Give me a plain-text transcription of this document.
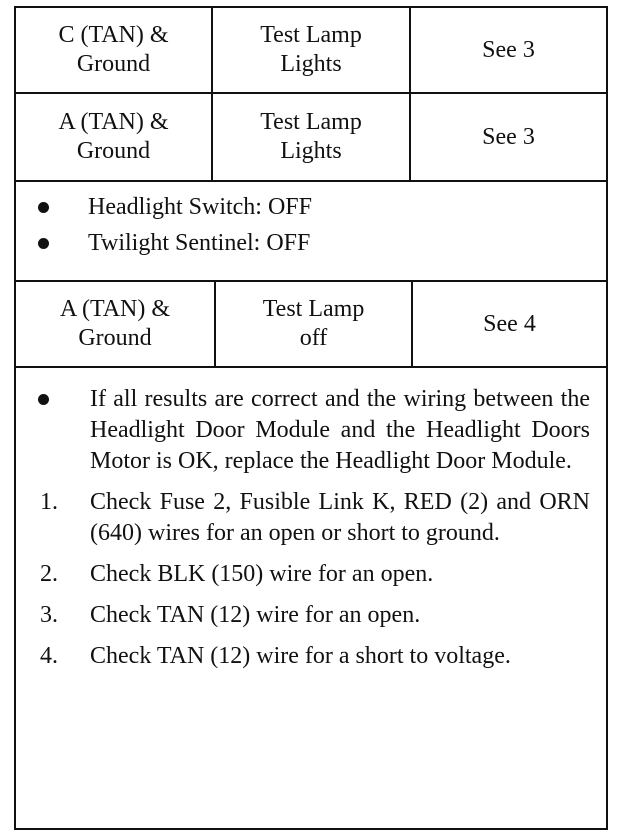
C (TAN) &
Ground
Test Lamp
Lights
See 3
A (TAN) &
Ground
Test Lamp
Lights
See 3
Headlight Switch: OFF
Twilight Sentinel: OFF
A (TAN) &
Ground
Test Lamp
off
See 4
If all results are correct and the wiring between the Headlight Door Module and the Headlight Doors Motor is OK, replace the Headlight Door Module.
1. Check Fuse 2, Fusible Link K, RED (2) and ORN (640) wires for an open or short to ground.
2. Check BLK (150) wire for an open.
3. Check TAN (12) wire for an open.
4. Check TAN (12) wire for a short to voltage.
